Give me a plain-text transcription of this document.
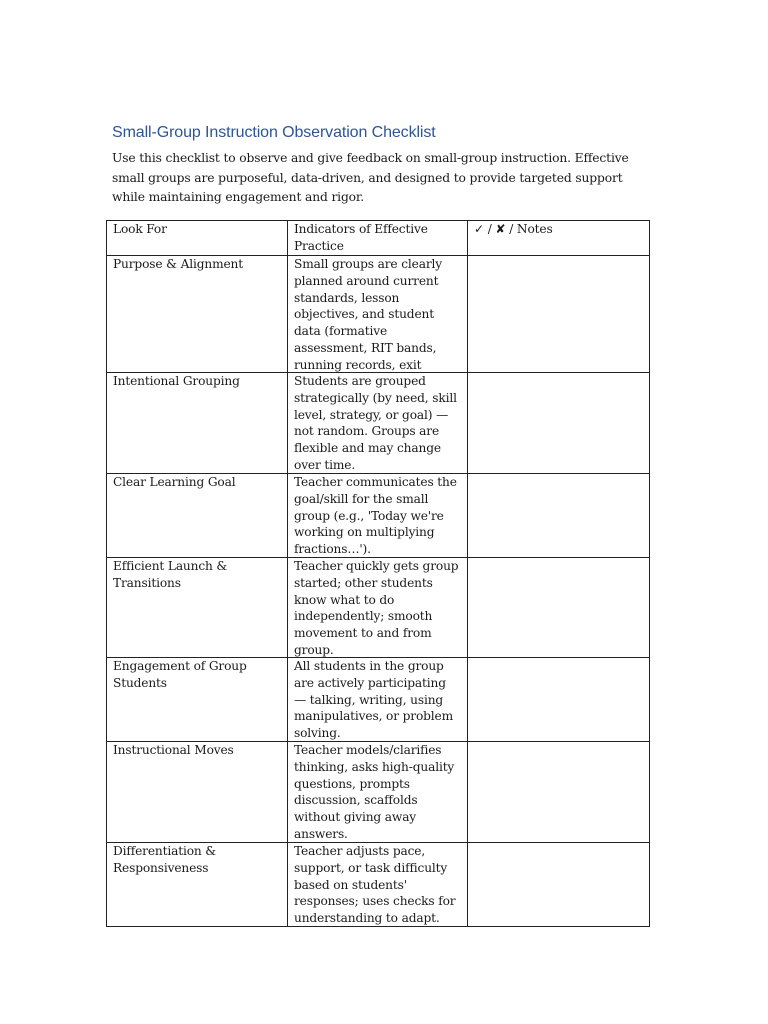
Small-Group Instruction Observation Checklist
Use this checklist to observe and give feedback on small-group instruction. Effective small groups are purposeful, data-driven, and designed to provide targeted support while maintaining engagement and rigor.
Look For	Indicators of Effective Practice	✓ / ✘ / Notes
Purpose & Alignment	Small groups are clearly planned around current standards, lesson objectives, and student data (formative assessment, RIT bands, running records, exit	

Intentional Grouping	Students are grouped strategically (by need, skill level, strategy, or goal) — not random. Groups are flexible and may change over time.	

Clear Learning Goal	Teacher communicates the goal/skill for the small group (e.g., 'Today we're working on multiplying fractions…').	

Efficient Launch & Transitions	Teacher quickly gets group started; other students know what to do independently; smooth movement to and from group.	

Engagement of Group Students	All students in the group are actively participating — talking, writing, using manipulatives, or problem solving.	

Instructional Moves	Teacher models/clarifies thinking, asks high-quality questions, prompts discussion, scaffolds without giving away answers.	

Differentiation & Responsiveness	Teacher adjusts pace, support, or task difficulty based on students' responses; uses checks for understanding to adapt.	
